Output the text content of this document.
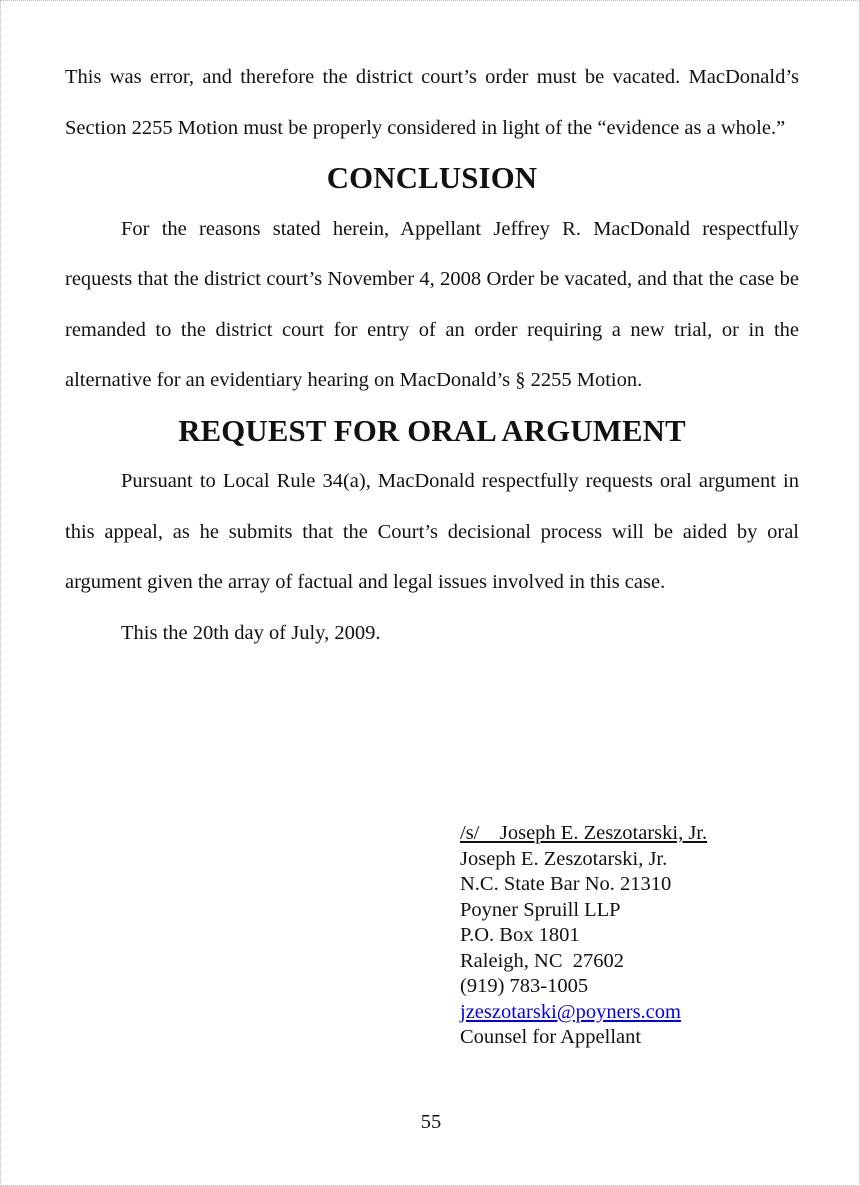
This was error, and therefore the district court’s order must be vacated. MacDonald’s Section 2255 Motion must be properly considered in light of the “evidence as a whole.”

CONCLUSION

For the reasons stated herein, Appellant Jeffrey R. MacDonald respectfully requests that the district court’s November 4, 2008 Order be vacated, and that the case be remanded to the district court for entry of an order requiring a new trial, or in the alternative for an evidentiary hearing on MacDonald’s § 2255 Motion.

REQUEST FOR ORAL ARGUMENT

Pursuant to Local Rule 34(a), MacDonald respectfully requests oral argument in this appeal, as he submits that the Court’s decisional process will be aided by oral argument given the array of factual and legal issues involved in this case.

This the 20th day of July, 2009.

/s/    Joseph E. Zeszotarski, Jr.
Joseph E. Zeszotarski, Jr.
N.C. State Bar No. 21310
Poyner Spruill LLP
P.O. Box 1801
Raleigh, NC  27602
(919) 783-1005
jzeszotarski@poyners.com
Counsel for Appellant
55
